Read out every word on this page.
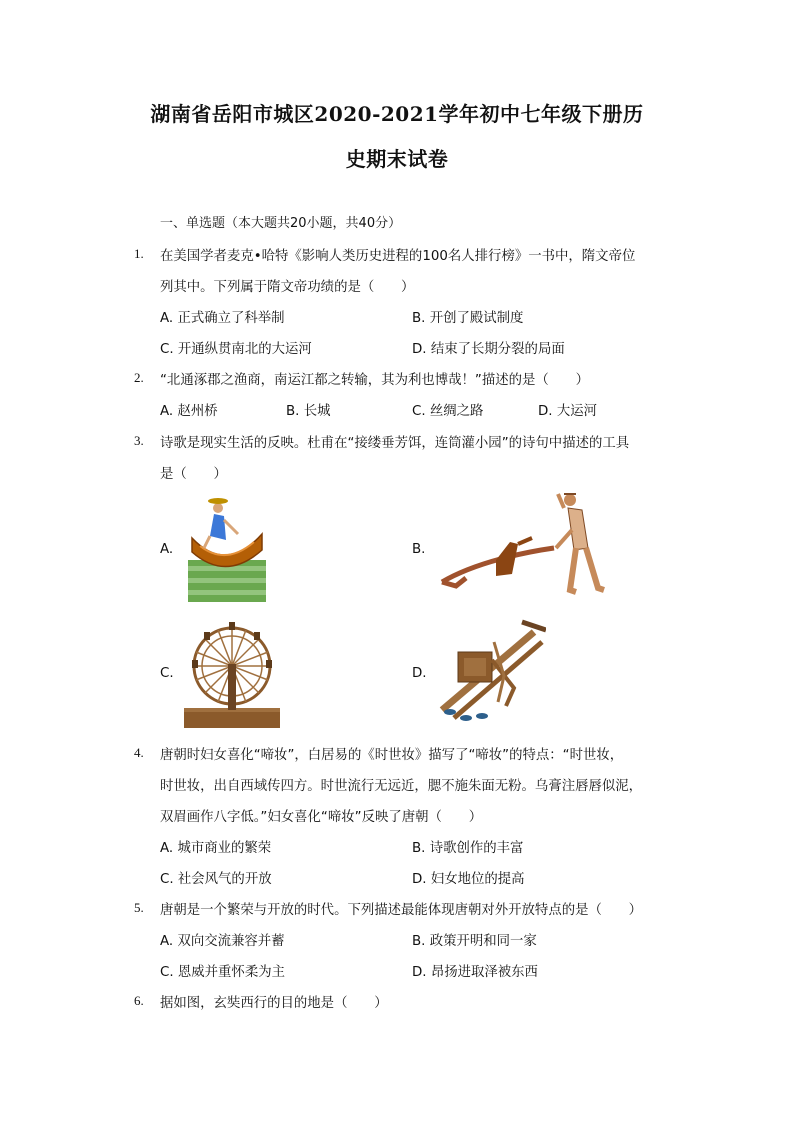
湖南省岳阳市城区2020-2021学年初中七年级下册历
史期末试卷
一、单选题（本大题共20小题，共40分）
1. 在美国学者麦克•哈特《影响人类历史进程的100名人排行榜》一书中，隋文帝位
列其中。下列属于隋文帝功绩的是（　　）
A. 正式确立了科举制	B. 开创了殿试制度
C. 开通纵贯南北的大运河	D. 结束了长期分裂的局面
2. “北通涿郡之渔商，南运江都之转输，其为利也博哉！”描述的是（　　）
A. 赵州桥	B. 长城	C. 丝绸之路	D. 大运河
3. 诗歌是现实生活的反映。杜甫在“接缕垂芳饵，连筒灌小园”的诗句中描述的工具
是（　　）
A.	B.
C.	D.
4. 唐朝时妇女喜化“啼妆”，白居易的《时世妆》描写了“啼妆”的特点：“时世妆，
时世妆，出自西域传四方。时世流行无远近，腮不施朱面无粉。乌膏注唇唇似泥，
双眉画作八字低。”妇女喜化“啼妆”反映了唐朝（　　）
A. 城市商业的繁荣	B. 诗歌创作的丰富
C. 社会风气的开放	D. 妇女地位的提高
5. 唐朝是一个繁荣与开放的时代。下列描述最能体现唐朝对外开放特点的是（　　）
A. 双向交流兼容并蓄	B. 政策开明和同一家
C. 恩威并重怀柔为主	D. 昂扬进取泽被东西
6. 据如图，玄奘西行的目的地是（　　）
